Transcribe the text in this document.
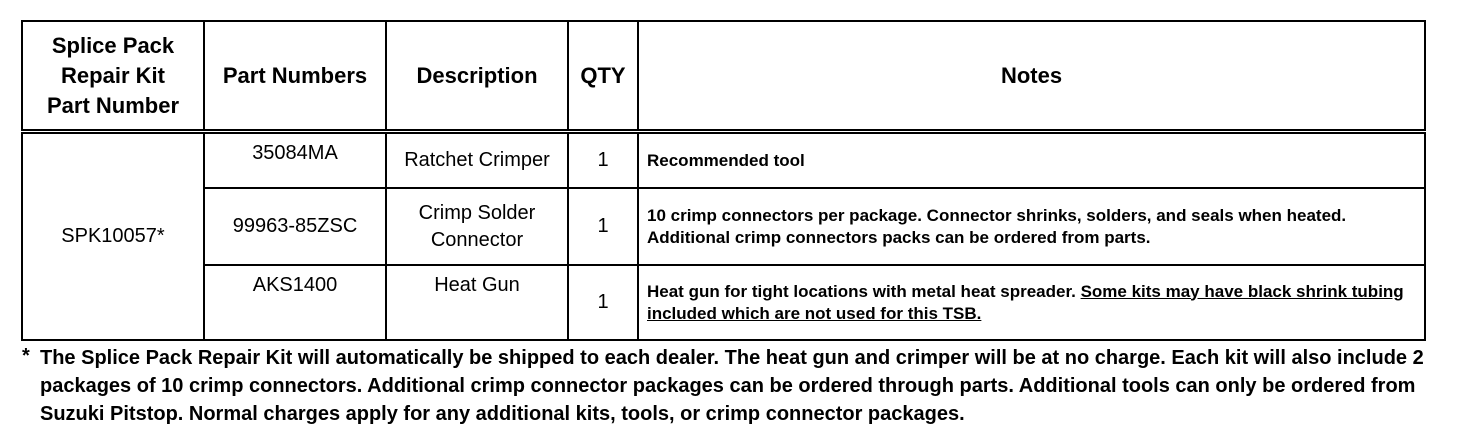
Splice Pack Repair Kit Part Number	Part Numbers	Description	QTY	Notes
SPK10057*	35084MA	Ratchet Crimper	1	Recommended tool
	99963-85ZSC	Crimp Solder Connector	1	10 crimp connectors per package. Connector shrinks, solders, and seals when heated. Additional crimp connectors packs can be ordered from parts.
	AKS1400	Heat Gun	1	Heat gun for tight locations with metal heat spreader. Some kits may have black shrink tubing included which are not used for this TSB.
* The Splice Pack Repair Kit will automatically be shipped to each dealer. The heat gun and crimper will be at no charge. Each kit will also include 2 packages of 10 crimp connectors. Additional crimp connector packages can be ordered through parts. Additional tools can only be ordered from Suzuki Pitstop. Normal charges apply for any additional kits, tools, or crimp connector packages.
